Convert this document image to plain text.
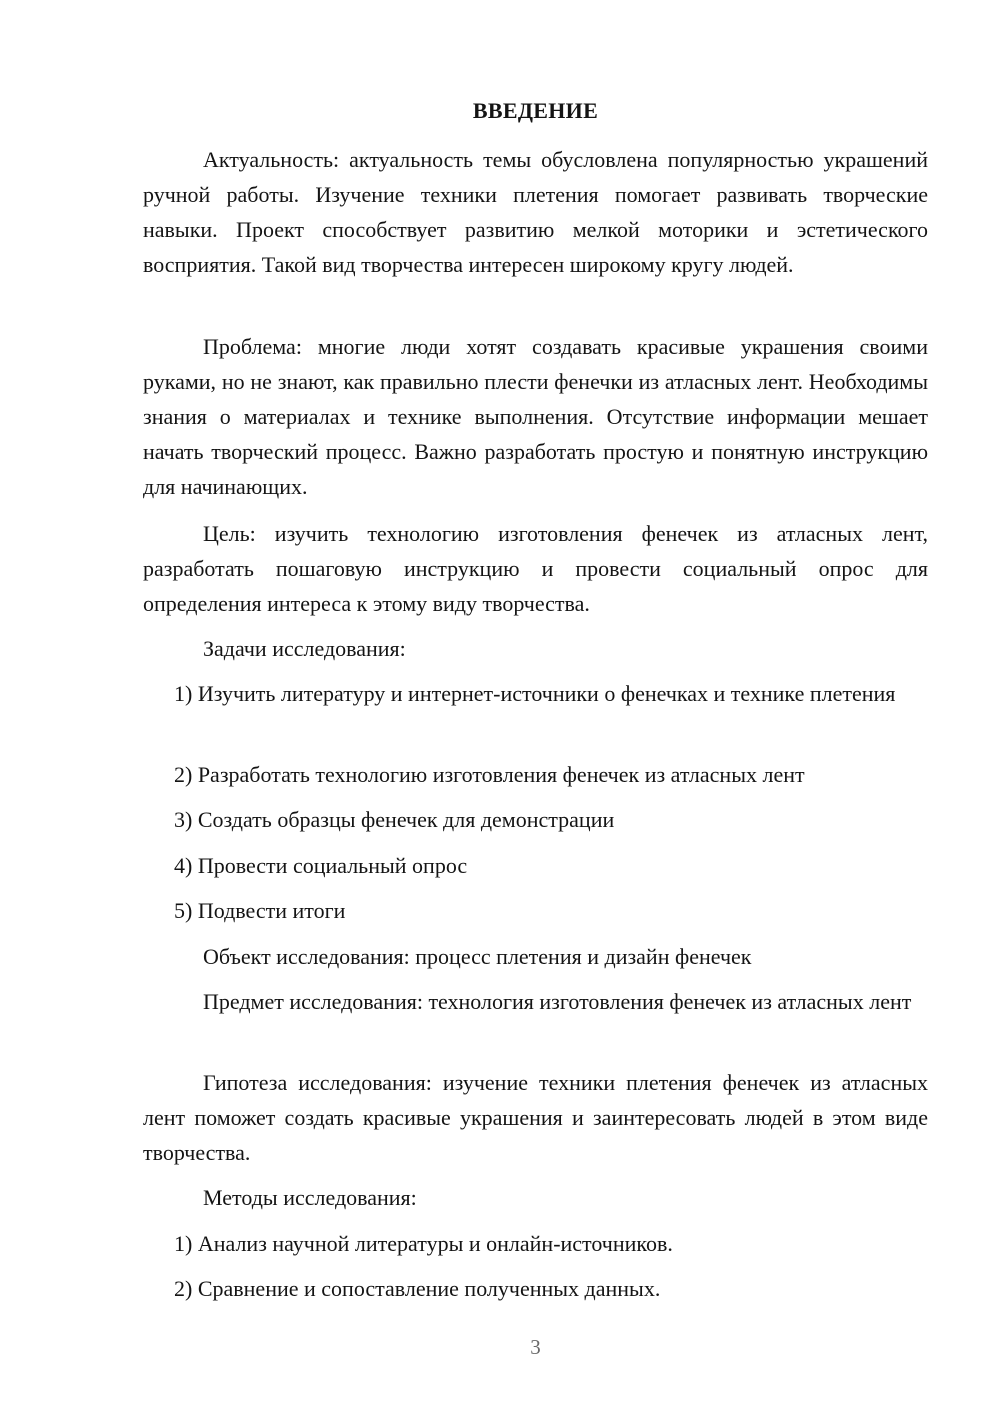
ВВЕДЕНИЕ

Актуальность: актуальность темы обусловлена популярностью украшений ручной работы. Изучение техники плетения помогает развивать творческие навыки. Проект способствует развитию мелкой моторики и эстетического восприятия. Такой вид творчества интересен широкому кругу людей.

Проблема: многие люди хотят создавать красивые украшения своими руками, но не знают, как правильно плести фенечки из атласных лент. Необходимы знания о материалах и технике выполнения. Отсутствие информации мешает начать творческий процесс. Важно разработать простую и понятную инструкцию для начинающих.

Цель: изучить технологию изготовления фенечек из атласных лент, разработать пошаговую инструкцию и провести социальный опрос для определения интереса к этому виду творчества.

Задачи исследования:

1) Изучить литературу и интернет-источники о фенечках и технике плетения

2) Разработать технологию изготовления фенечек из атласных лент

3) Создать образцы фенечек для демонстрации

4) Провести социальный опрос

5) Подвести итоги

Объект исследования: процесс плетения и дизайн фенечек

Предмет исследования: технология изготовления фенечек из атласных лент

Гипотеза исследования: изучение техники плетения фенечек из атласных лент поможет создать красивые украшения и заинтересовать людей в этом виде творчества.

Методы исследования:

1) Анализ научной литературы и онлайн-источников.

2) Сравнение и сопоставление полученных данных.

3
